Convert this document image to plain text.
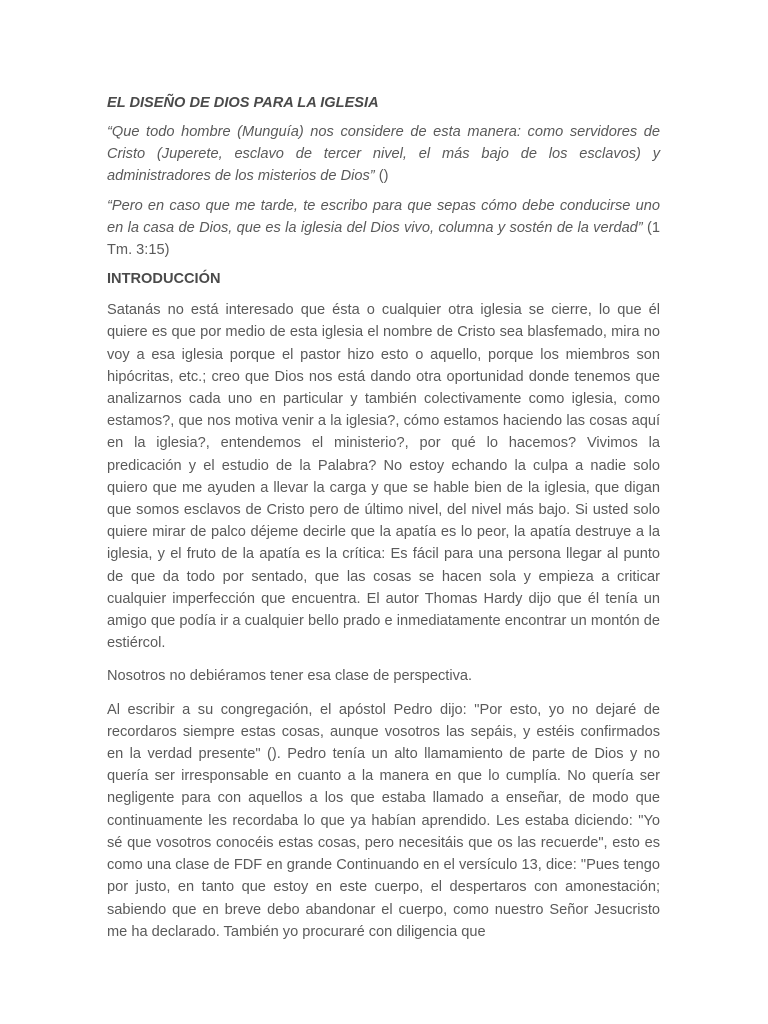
EL DISEÑO DE DIOS PARA LA IGLESIA
“Que todo hombre (Munguía) nos considere de esta manera: como servidores de Cristo (Juperete, esclavo de tercer nivel, el más bajo de los esclavos) y administradores de los misterios de Dios” ()
“Pero en caso que me tarde, te escribo para que sepas cómo debe conducirse uno en la casa de Dios, que es la iglesia del Dios vivo, columna y sostén de la verdad” (1 Tm. 3:15)
INTRODUCCIÓN
Satanás no está interesado que ésta o cualquier otra iglesia se cierre, lo que él quiere es que por medio de esta iglesia el nombre de Cristo sea blasfemado, mira no voy a esa iglesia porque el pastor hizo esto o aquello, porque los miembros son hipócritas, etc.; creo que Dios nos está dando otra oportunidad donde tenemos que analizarnos cada uno en particular y también colectivamente como iglesia, como estamos?, que nos motiva venir a la iglesia?, cómo estamos haciendo las cosas aquí en la iglesia?, entendemos el ministerio?, por qué lo hacemos? Vivimos la predicación y el estudio de la Palabra? No estoy echando la culpa a nadie solo quiero que me ayuden a llevar la carga y que se hable bien de la iglesia, que digan que somos esclavos de Cristo pero de último nivel, del nivel más bajo. Si usted solo quiere mirar de palco déjeme decirle que la apatía es lo peor, la apatía destruye a la iglesia, y el fruto de la apatía es la crítica: Es fácil para una persona llegar al punto de que da todo por sentado, que las cosas se hacen sola y empieza a criticar cualquier imperfección que encuentra. El autor Thomas Hardy dijo que él tenía un amigo que podía ir a cualquier bello prado e inmediatamente encontrar un montón de estiércol.
Nosotros no debiéramos tener esa clase de perspectiva.
Al escribir a su congregación, el apóstol Pedro dijo: "Por esto, yo no dejaré de recordaros siempre estas cosas, aunque vosotros las sepáis, y estéis confirmados en la verdad presente" (). Pedro tenía un alto llamamiento de parte de Dios y no quería ser irresponsable en cuanto a la manera en que lo cumplía. No quería ser negligente para con aquellos a los que estaba llamado a enseñar, de modo que continuamente les recordaba lo que ya habían aprendido. Les estaba diciendo: "Yo sé que vosotros conocéis estas cosas, pero necesitáis que os las recuerde", esto es como una clase de FDF en grande Continuando en el versículo 13, dice: "Pues tengo por justo, en tanto que estoy en este cuerpo, el despertaros con amonestación; sabiendo que en breve debo abandonar el cuerpo, como nuestro Señor Jesucristo me ha declarado. También yo procuraré con diligencia que
